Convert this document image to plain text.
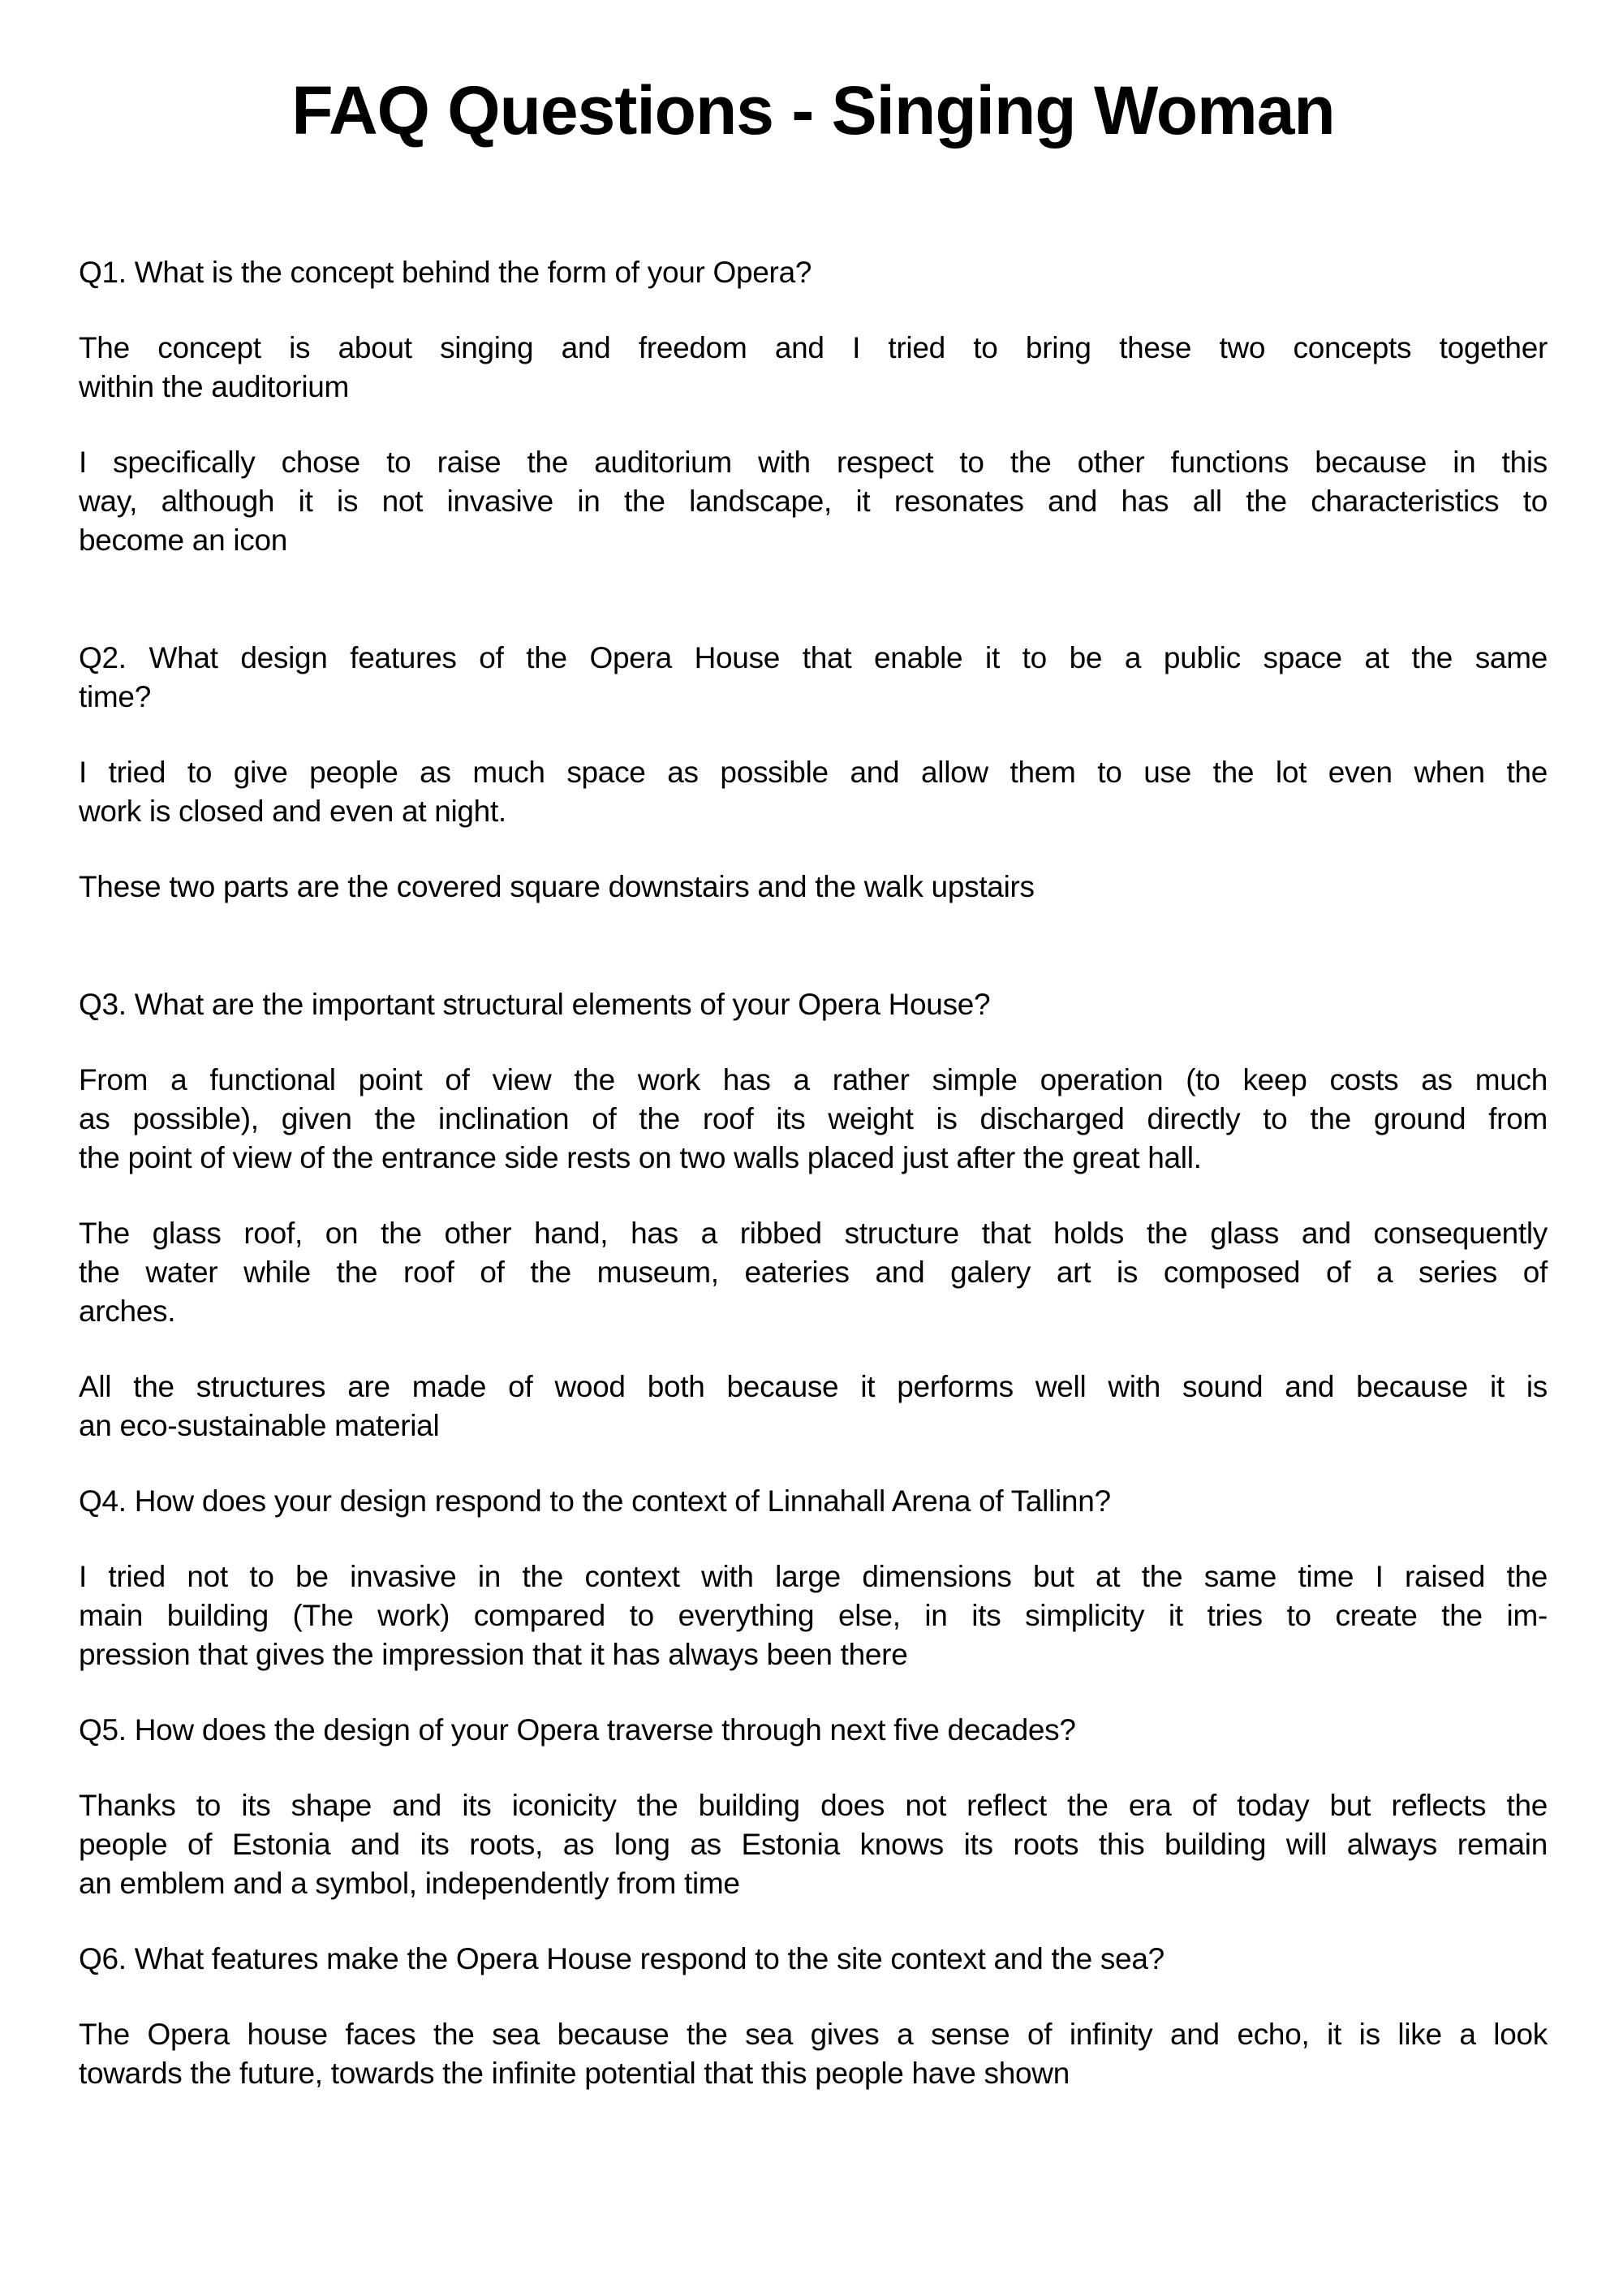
FAQ Questions - Singing Woman
Q1. What is the concept behind the form of your Opera?
The concept is about singing and freedom and I tried to bring these two concepts together
within the auditorium
I specifically chose to raise the auditorium with respect to the other functions because in this
way, although it is not invasive in the landscape, it resonates and has all the characteristics to
become an icon
Q2. What design features of the Opera House that enable it to be a public space at the same
time?
I tried to give people as much space as possible and allow them to use the lot even when the
work is closed and even at night.
These two parts are the covered square downstairs and the walk upstairs
Q3. What are the important structural elements of your Opera House?
From a functional point of view the work has a rather simple operation (to keep costs as much
as possible), given the inclination of the roof its weight is discharged directly to the ground from
the point of view of the entrance side rests on two walls placed just after the great hall.
The glass roof, on the other hand, has a ribbed structure that holds the glass and consequently
the water while the roof of the museum, eateries and galery art is composed of a series of
arches.
All the structures are made of wood both because it performs well with sound and because it is
an eco-sustainable material
Q4. How does your design respond to the context of Linnahall Arena of Tallinn?
I tried not to be invasive in the context with large dimensions but at the same time I raised the
main building (The work) compared to everything else, in its simplicity it tries to create the im-
pression that gives the impression that it has always been there
Q5. How does the design of your Opera traverse through next five decades?
Thanks to its shape and its iconicity the building does not reflect the era of today but reflects the
people of Estonia and its roots, as long as Estonia knows its roots this building will always remain
an emblem and a symbol, independently from time
Q6. What features make the Opera House respond to the site context and the sea?
The Opera house faces the sea because the sea gives a sense of infinity and echo, it is like a look
towards the future, towards the infinite potential that this people have shown
